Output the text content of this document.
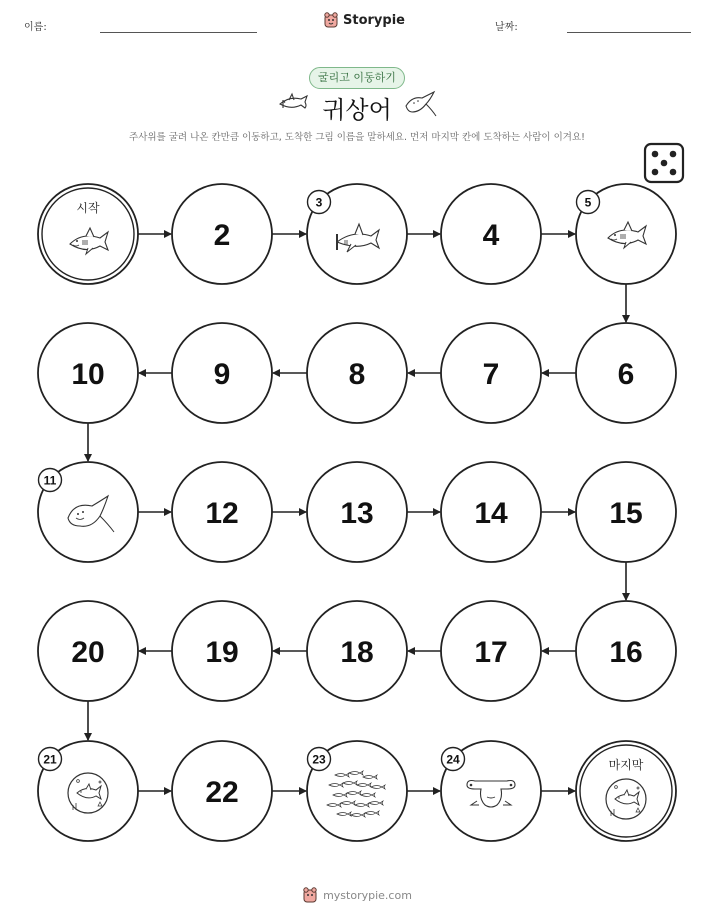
이름:	Storypie	날짜:
굴리고 이동하기
귀상어
주사위를 굴려 나온 칸만큼 이동하고, 도착한 그림 이름을 말하세요. 먼저 마지막 칸에 도착하는 사람이 이겨요!
시작
2
3
4
5
6
7
8
9
10
11
12	13	14	15
16
17
18
19
20
21
22
23	24	마지막
mystorypie.com
